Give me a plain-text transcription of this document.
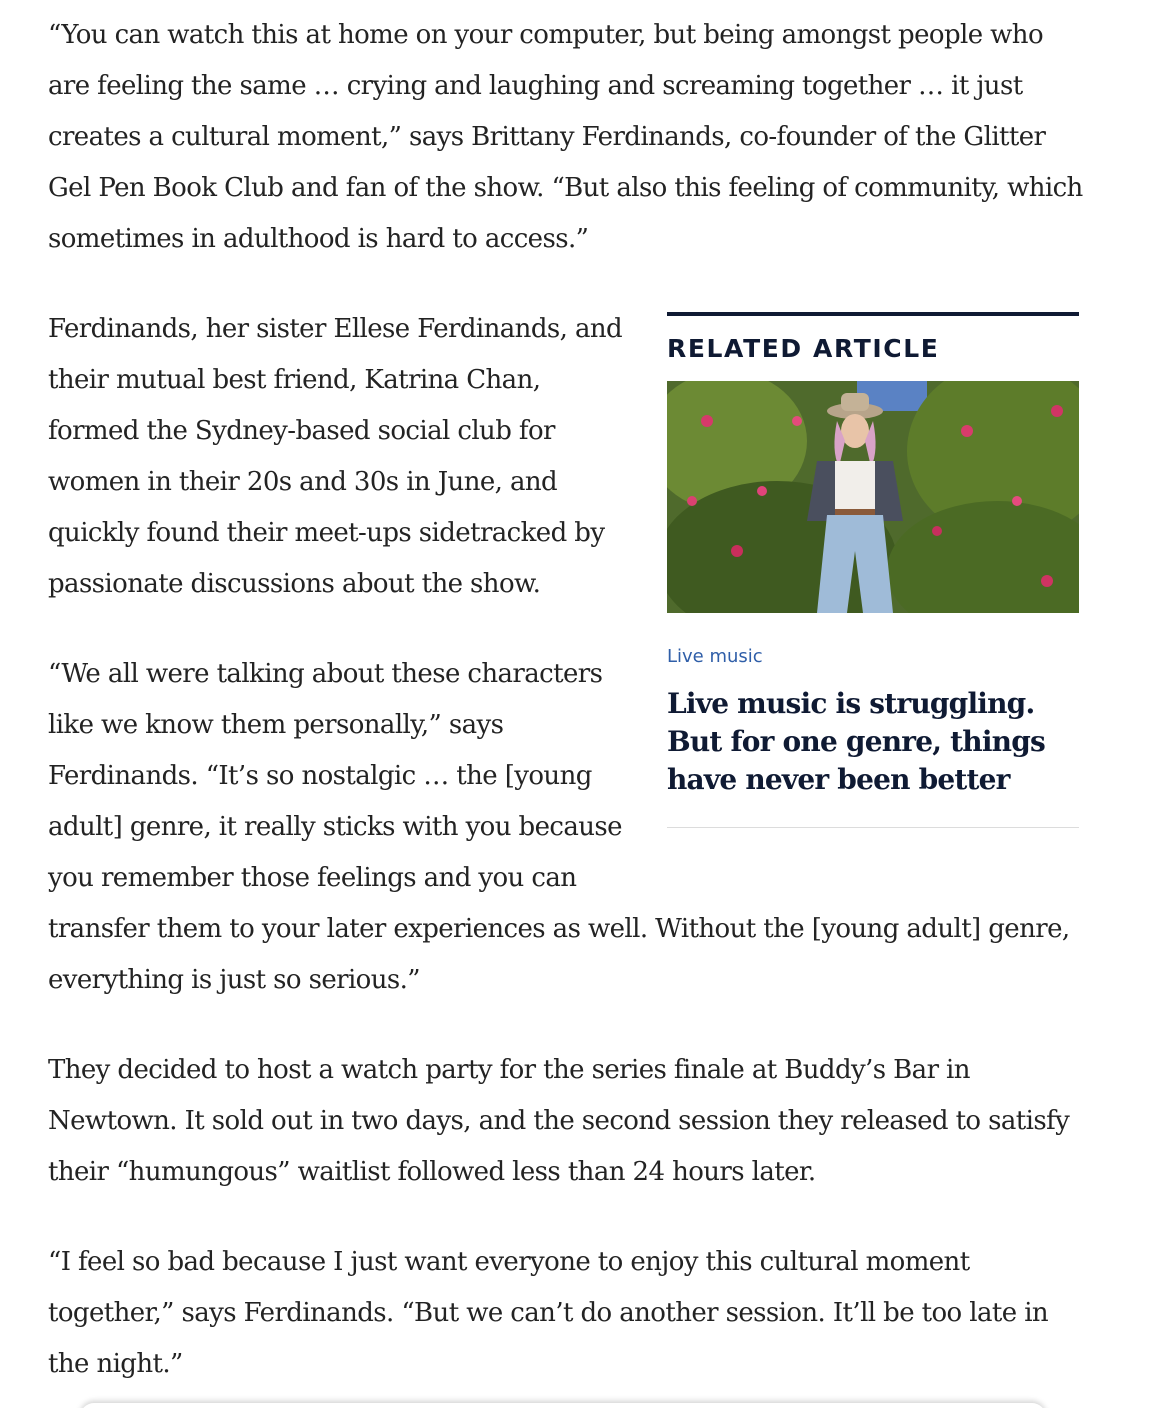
“You can watch this at home on your computer, but being amongst people who are feeling the same … crying and laughing and screaming together … it just creates a cultural moment,” says Brittany Ferdinands, co-founder of the Glitter Gel Pen Book Club and fan of the show. “But also this feeling of community, which sometimes in adulthood is hard to access.”

RELATED ARTICLE
Live music
Live music is struggling. But for one genre, things have never been better

Ferdinands, her sister Ellese Ferdinands, and their mutual best friend, Katrina Chan, formed the Sydney-based social club for women in their 20s and 30s in June, and quickly found their meet-ups sidetracked by passionate discussions about the show.

“We all were talking about these characters like we know them personally,” says Ferdinands. “It’s so nostalgic … the [young adult] genre, it really sticks with you because you remember those feelings and you can transfer them to your later experiences as well. Without the [young adult] genre, everything is just so serious.”

They decided to host a watch party for the series finale at Buddy’s Bar in Newtown. It sold out in two days, and the second session they released to satisfy their “humungous” waitlist followed less than 24 hours later.

“I feel so bad because I just want everyone to enjoy this cultural moment together,” says Ferdinands. “But we can’t do another session. It’ll be too late in the night.”
